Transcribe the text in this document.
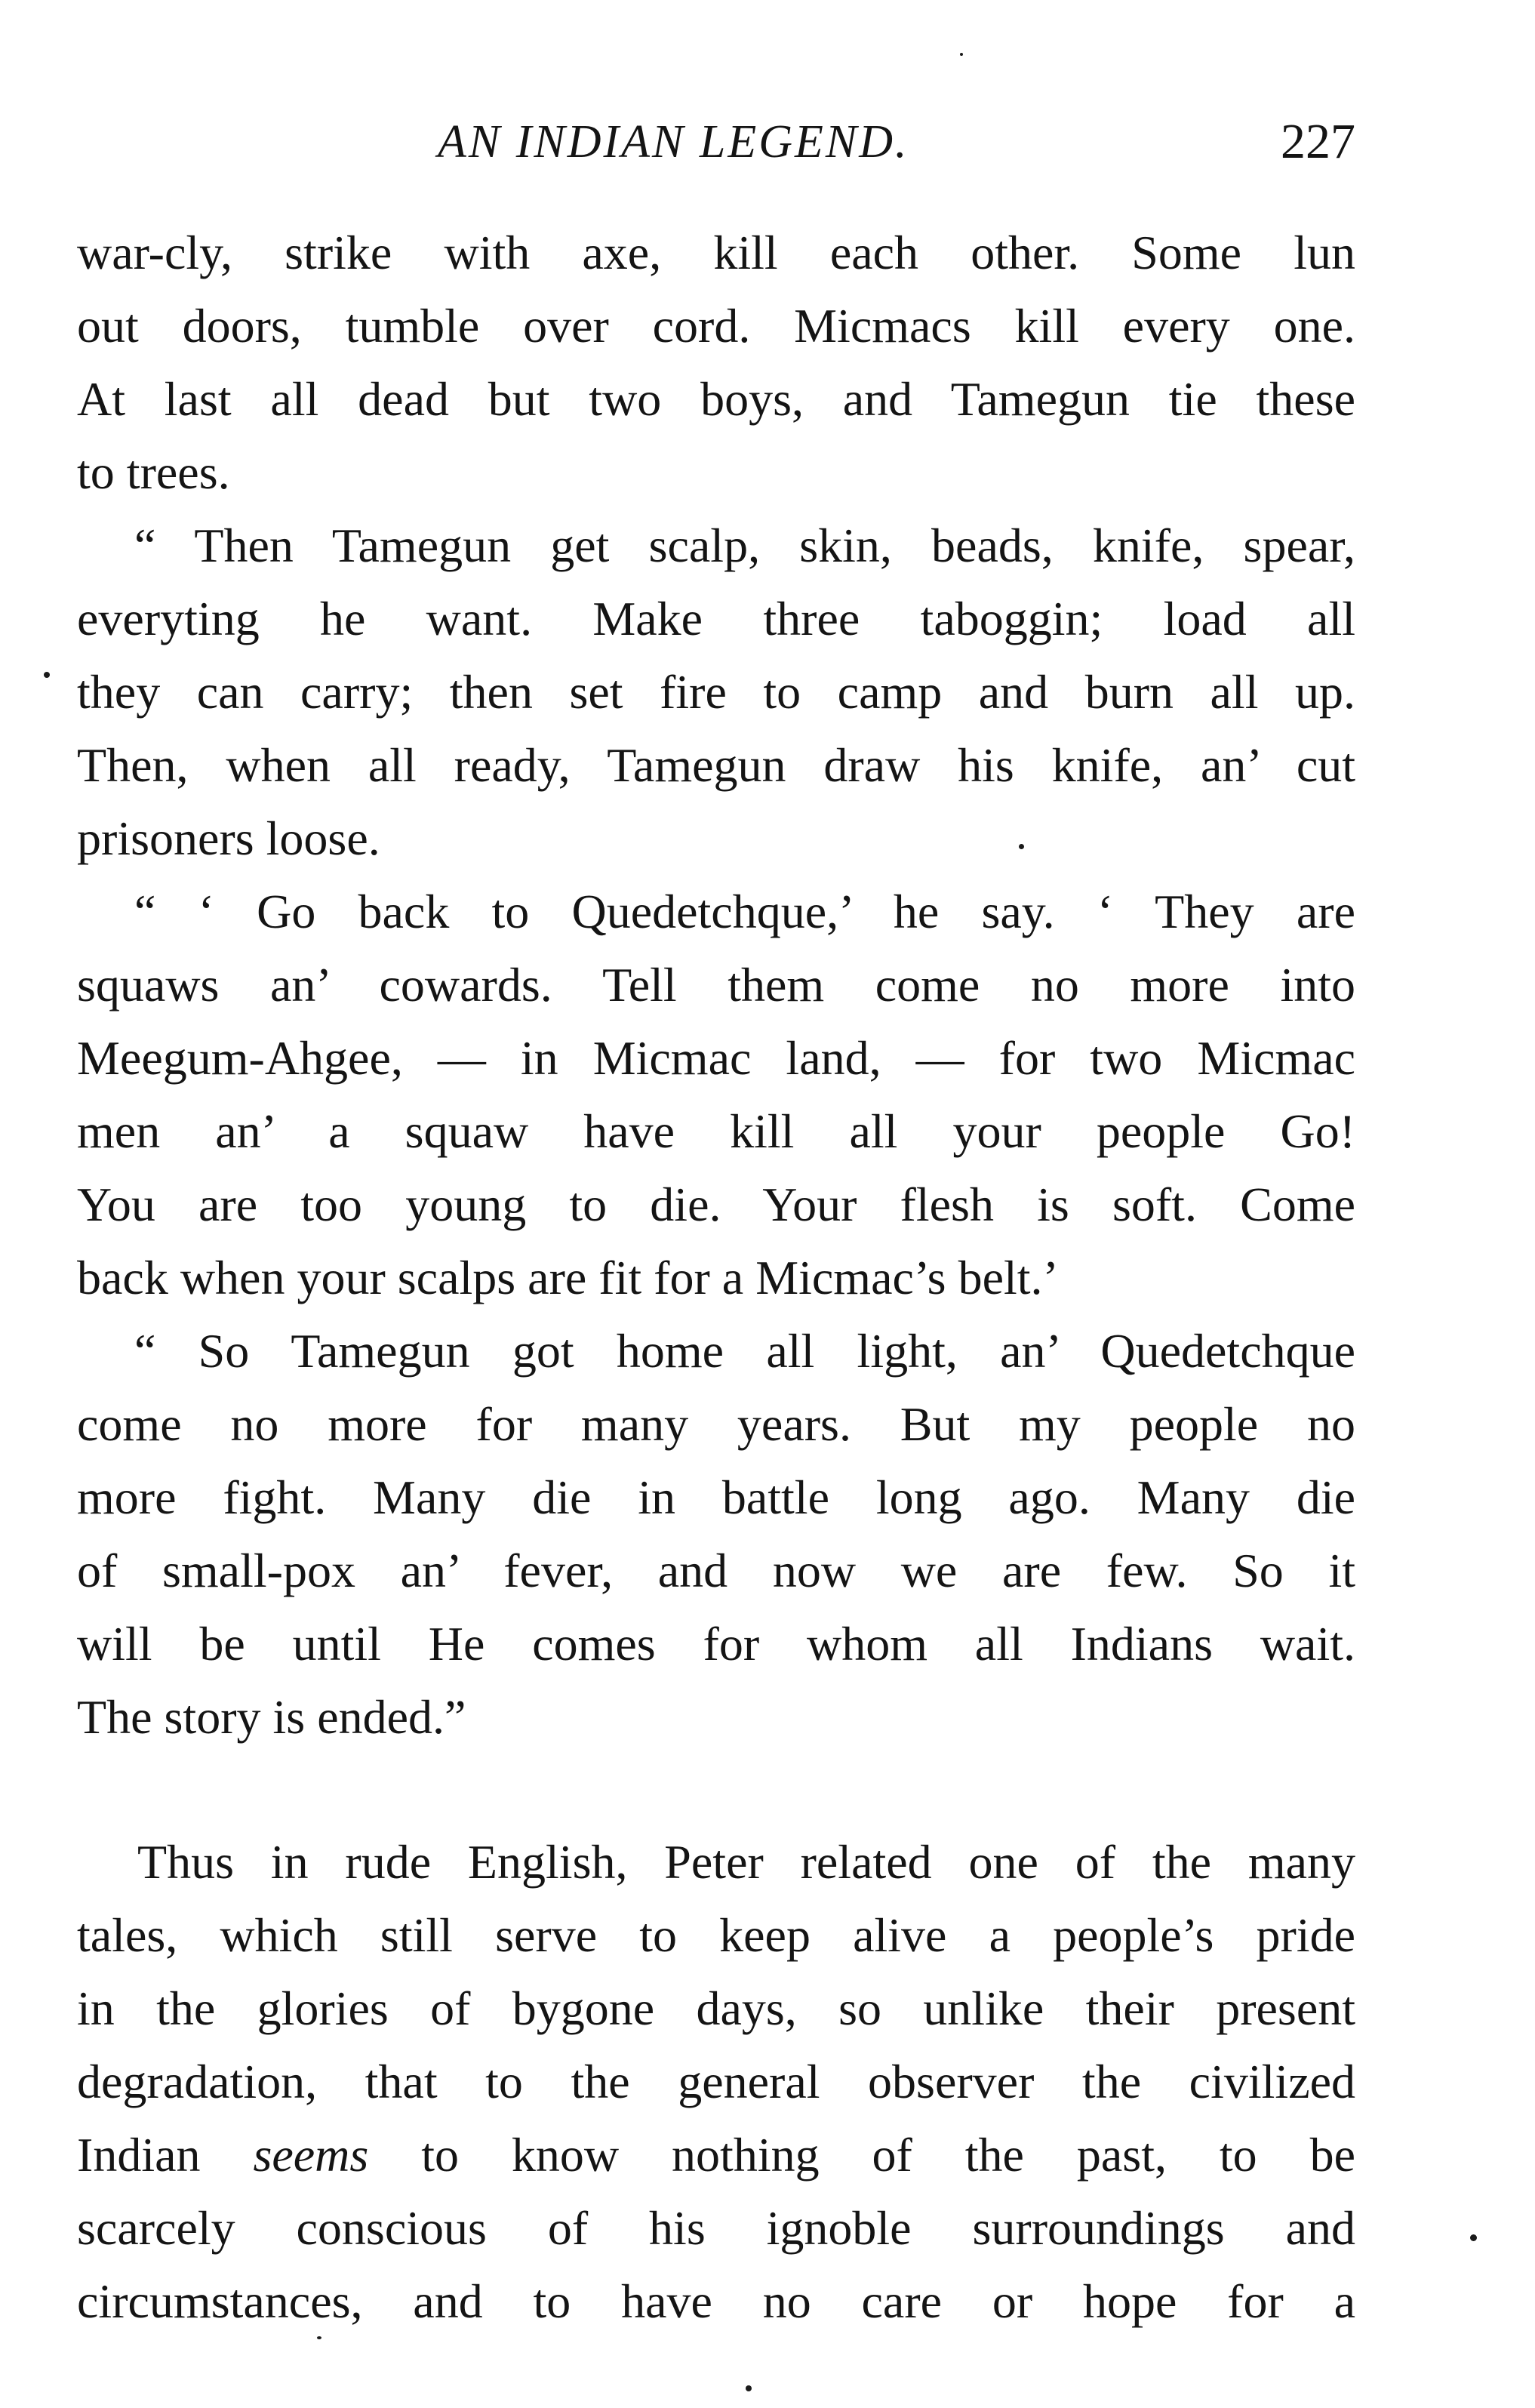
AN INDIAN LEGEND.	227
war-cly, strike with axe, kill each other. Some lun
out doors, tumble over cord. Micmacs kill every one.
At last all dead but two boys, and Tamegun tie these
to trees.
“ Then Tamegun get scalp, skin, beads, knife, spear,
everyting he want. Make three taboggin; load all
they can carry; then set fire to camp and burn all up.
Then, when all ready, Tamegun draw his knife, an’ cut
prisoners loose.
“ ‘ Go back to Quedetchque,’ he say. ‘ They are
squaws an’ cowards. Tell them come no more into
Meegum-Ahgee, — in Micmac land, — for two Micmac
men an’ a squaw have kill all your people Go!
You are too young to die. Your flesh is soft. Come
back when your scalps are fit for a Micmac’s belt.’
“ So Tamegun got home all light, an’ Quedetchque
come no more for many years. But my people no
more fight. Many die in battle long ago. Many die
of small-pox an’ fever, and now we are few. So it
will be until He comes for whom all Indians wait.
The story is ended.”
Thus in rude English, Peter related one of the many
tales, which still serve to keep alive a people’s pride
in the glories of bygone days, so unlike their present
degradation, that to the general observer the civilized
Indian seems to know nothing of the past, to be
scarcely conscious of his ignoble surroundings and
circumstances, and to have no care or hope for a
